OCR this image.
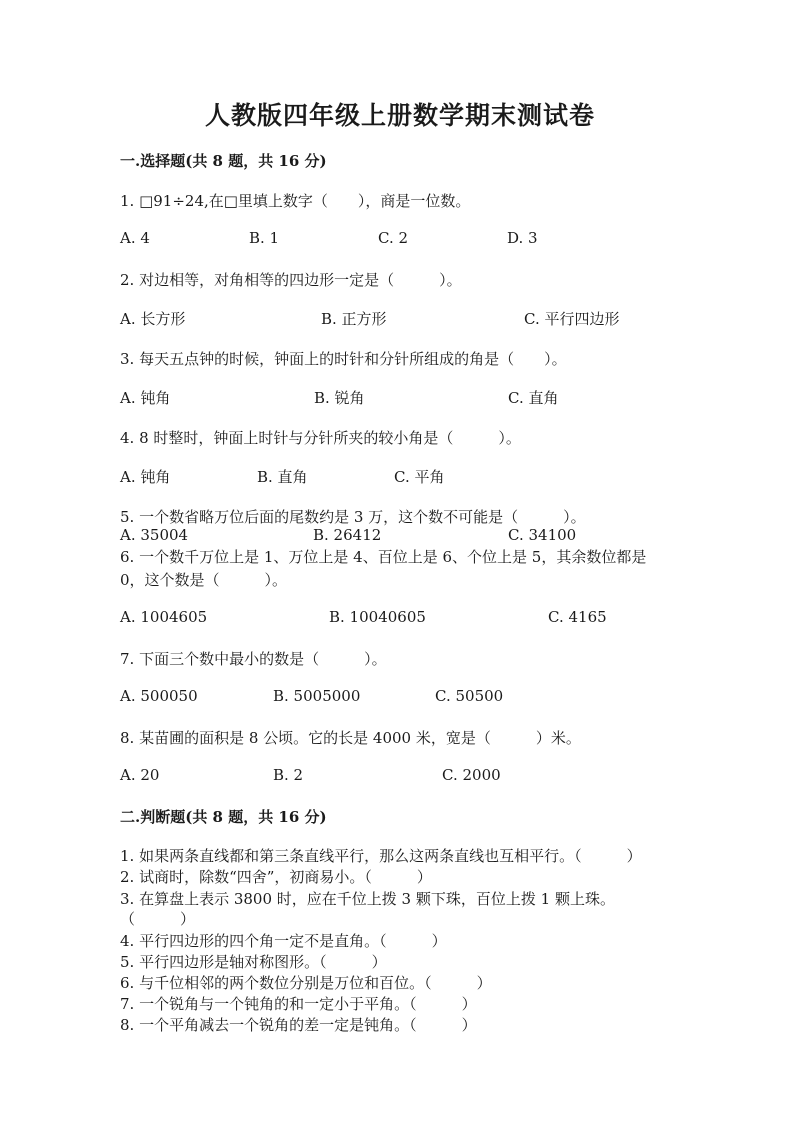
人教版四年级上册数学期末测试卷
一.选择题(共 8 题，共 16 分)
1. □91÷24,在□里填上数字（　　），商是一位数。
A. 4	B. 1	C. 2	D. 3
2. 对边相等，对角相等的四边形一定是（　　　）。
A. 长方形	B. 正方形	C. 平行四边形
3. 每天五点钟的时候，钟面上的时针和分针所组成的角是（　　）。
A. 钝角	B. 锐角	C. 直角
4. 8 时整时，钟面上时针与分针所夹的较小角是（　　　）。
A. 钝角	B. 直角	C. 平角
5. 一个数省略万位后面的尾数约是 3 万，这个数不可能是（　　　）。
A. 35004	B. 26412	C. 34100
6. 一个数千万位上是 1、万位上是 4、百位上是 6、个位上是 5，其余数位都是
0，这个数是（　　　）。
A. 1004605	B. 10040605	C. 4165
7. 下面三个数中最小的数是（　　　）。
A. 500050	B. 5005000	C. 50500
8. 某苗圃的面积是 8 公顷。它的长是 4000 米，宽是（　　　）米。
A. 20	B. 2	C. 2000
二.判断题(共 8 题，共 16 分)
1. 如果两条直线都和第三条直线平行，那么这两条直线也互相平行。（　　　）
2. 试商时，除数“四舍”，初商易小。（　　　）
3. 在算盘上表示 3800 时，应在千位上拨 3 颗下珠，百位上拨 1 颗上珠。
（　　　）
4. 平行四边形的四个角一定不是直角。（　　　）
5. 平行四边形是轴对称图形。（　　　）
6. 与千位相邻的两个数位分别是万位和百位。（　　　）
7. 一个锐角与一个钝角的和一定小于平角。（　　　）
8. 一个平角减去一个锐角的差一定是钝角。（　　　）
